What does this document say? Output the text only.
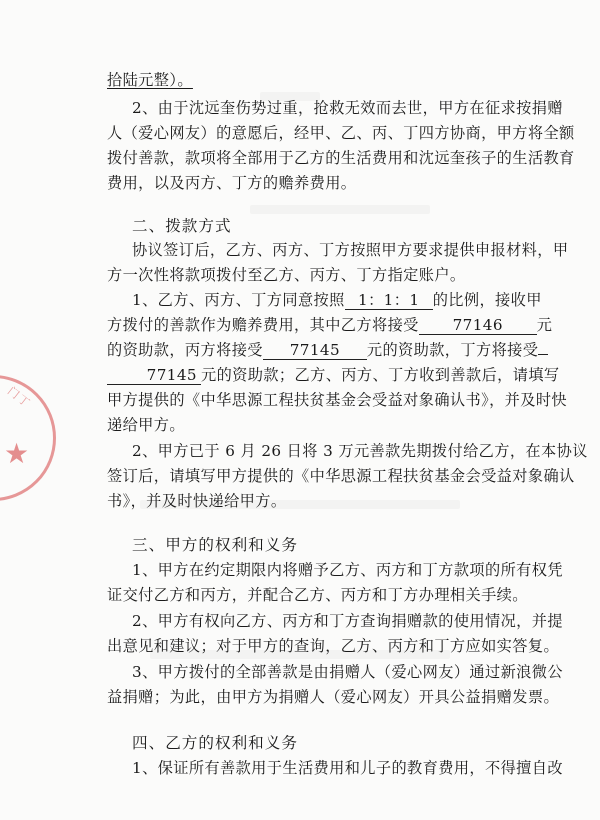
门丁
★
拾陆元整）。
2、由于沈远奎伤势过重，抢救无效而去世，甲方在征求按捐赠
人（爱心网友）的意愿后，经甲、乙、丙、丁四方协商，甲方将全额
拨付善款，款项将全部用于乙方的生活费用和沈远奎孩子的生活教育
费用，以及丙方、丁方的赡养费用。
二、拨款方式
协议签订后，乙方、丙方、丁方按照甲方要求提供申报材料，甲
方一次性将款项拨付至乙方、丙方、丁方指定账户。
1、乙方、丙方、丁方同意按照 1：1：1 的比例，接收甲
方拨付的善款作为赡养费用，其中乙方将接受 77146 元
的资助款，丙方将接受 77145 元的资助款，丁方将接受
77145 元的资助款；乙方、丙方、丁方收到善款后，请填写
甲方提供的《中华思源工程扶贫基金会受益对象确认书》，并及时快
递给甲方。
2、甲方已于 6 月 26 日将 3 万元善款先期拨付给乙方，在本协议
签订后，请填写甲方提供的《中华思源工程扶贫基金会受益对象确认
书》，并及时快递给甲方。
三、甲方的权利和义务
1、甲方在约定期限内将赠予乙方、丙方和丁方款项的所有权凭
证交付乙方和丙方，并配合乙方、丙方和丁方办理相关手续。
2、甲方有权向乙方、丙方和丁方查询捐赠款的使用情况，并提
出意见和建议；对于甲方的查询，乙方、丙方和丁方应如实答复。
3、甲方拨付的全部善款是由捐赠人（爱心网友）通过新浪微公
益捐赠；为此，由甲方为捐赠人（爱心网友）开具公益捐赠发票。
四、乙方的权利和义务
1、保证所有善款用于生活费用和儿子的教育费用，不得擅自改
